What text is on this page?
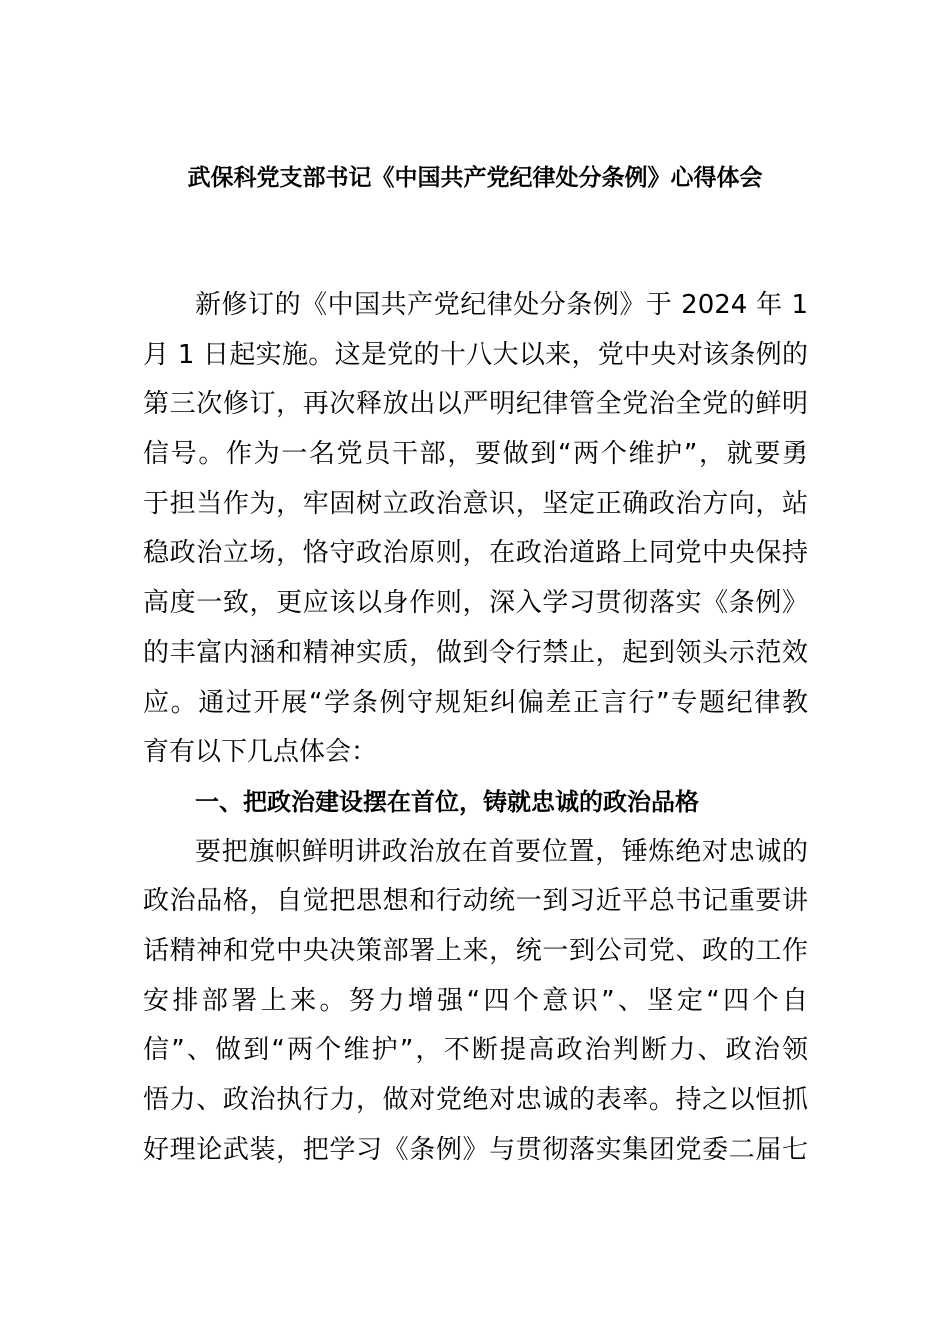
武保科党支部书记《中国共产党纪律处分条例》心得体会
新修订的《中国共产党纪律处分条例》于 2024 年 1
月 1 日起实施。这是党的十八大以来，党中央对该条例的
第三次修订，再次释放出以严明纪律管全党治全党的鲜明
信号。作为一名党员干部，要做到“两个维护”，就要勇
于担当作为，牢固树立政治意识，坚定正确政治方向，站
稳政治立场，恪守政治原则，在政治道路上同党中央保持
高度一致，更应该以身作则，深入学习贯彻落实《条例》
的丰富内涵和精神实质，做到令行禁止，起到领头示范效
应。通过开展“学条例守规矩纠偏差正言行”专题纪律教
育有以下几点体会：
一、把政治建设摆在首位，铸就忠诚的政治品格
要把旗帜鲜明讲政治放在首要位置，锤炼绝对忠诚的
政治品格，自觉把思想和行动统一到习近平总书记重要讲
话精神和党中央决策部署上来，统一到公司党、政的工作
安排部署上来。努力增强“四个意识”、坚定“四个自
信”、做到“两个维护”，不断提高政治判断力、政治领
悟力、政治执行力，做对党绝对忠诚的表率。持之以恒抓
好理论武装，把学习《条例》与贯彻落实集团党委二届七
